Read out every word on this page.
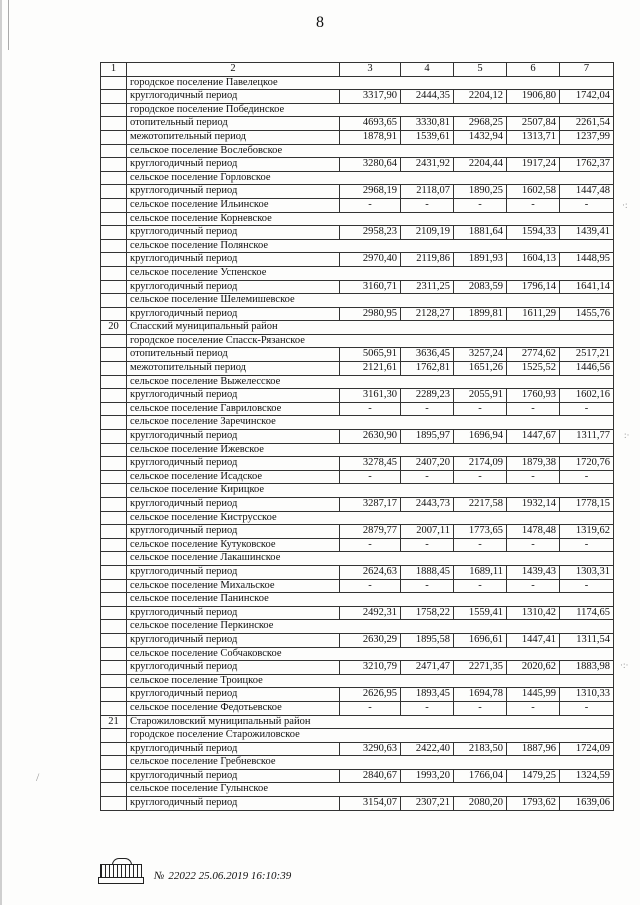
·:
:·
·:·
/
8
1	2	3	4	5	6	7
	городское поселение Павелецкое					
	круглогодичный период	3317,90	2444,35	2204,12	1906,80	1742,04
	городское поселение Побединское					
	отопительный период	4693,65	3330,81	2968,25	2507,84	2261,54
	межотопительный период	1878,91	1539,61	1432,94	1313,71	1237,99
	сельское поселение Вослебовское					
	круглогодичный период	3280,64	2431,92	2204,44	1917,24	1762,37
	сельское поселение Горловское					
	круглогодичный период	2968,19	2118,07	1890,25	1602,58	1447,48
	сельское поселение Ильинское	-	-	-	-	-
	сельское поселение Корневское					
	круглогодичный период	2958,23	2109,19	1881,64	1594,33	1439,41
	сельское поселение Полянское					
	круглогодичный период	2970,40	2119,86	1891,93	1604,13	1448,95
	сельское поселение Успенское					
	круглогодичный период	3160,71	2311,25	2083,59	1796,14	1641,14
	сельское поселение Шелемишевское					
	круглогодичный период	2980,95	2128,27	1899,81	1611,29	1455,76
20	Спасский муниципальный район					
	городское поселение Спасск-Рязанское					
	отопительный период	5065,91	3636,45	3257,24	2774,62	2517,21
	межотопительный период	2121,61	1762,81	1651,26	1525,52	1446,56
	сельское поселение Выжелесское					
	круглогодичный период	3161,30	2289,23	2055,91	1760,93	1602,16
	сельское поселение Гавриловское	-	-	-	-	-
	сельское поселение Заречинское					
	круглогодичный период	2630,90	1895,97	1696,94	1447,67	1311,77
	сельское поселение Ижевское					
	круглогодичный период	3278,45	2407,20	2174,09	1879,38	1720,76
	сельское поселение Исадское	-	-	-	-	-
	сельское поселение Кирицкое					
	круглогодичный период	3287,17	2443,73	2217,58	1932,14	1778,15
	сельское поселение Киструсское					
	круглогодичный период	2879,77	2007,11	1773,65	1478,48	1319,62
	сельское поселение Кутуковское	-	-	-	-	-
	сельское поселение Лакашинское					
	круглогодичный период	2624,63	1888,45	1689,11	1439,43	1303,31
	сельское поселение Михальское	-	-	-	-	-
	сельское поселение Панинское					
	круглогодичный период	2492,31	1758,22	1559,41	1310,42	1174,65
	сельское поселение Перкинское					
	круглогодичный период	2630,29	1895,58	1696,61	1447,41	1311,54
	сельское поселение Собчаковское					
	круглогодичный период	3210,79	2471,47	2271,35	2020,62	1883,98
	сельское поселение Троицкое					
	круглогодичный период	2626,95	1893,45	1694,78	1445,99	1310,33
	сельское поселение Федотьевское	-	-	-	-	-
21	Старожиловский муниципальный район					
	городское поселение Старожиловское					
	круглогодичный период	3290,63	2422,40	2183,50	1887,96	1724,09
	сельское поселение Гребневское					
	круглогодичный период	2840,67	1993,20	1766,04	1479,25	1324,59
	сельское поселение Гулынское					
	круглогодичный период	3154,07	2307,21	2080,20	1793,62	1639,06
№ 22022 25.06.2019 16:10:39
